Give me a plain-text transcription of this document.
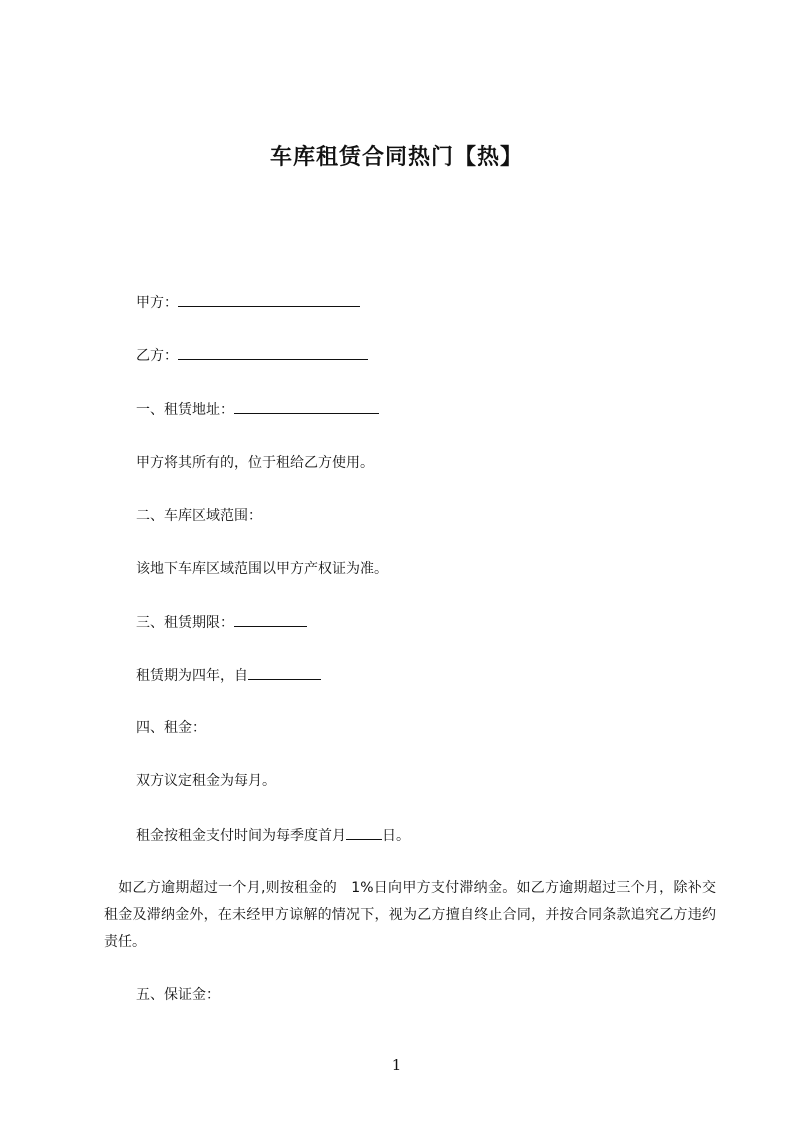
车库租赁合同热门【热】
甲方：
乙方：
一、租赁地址：
甲方将其所有的，位于租给乙方使用。
二、车库区域范围：
该地下车库区域范围以甲方产权证为准。
三、租赁期限：
租赁期为四年，自
四、租金：
双方议定租金为每月。
租金按租金支付时间为每季度首月	日。
　如乙方逾期超过一个月,则按租金的　1%日向甲方支付滞纳金。如乙方逾期超过三个月，除补交租金及滞纳金外，在未经甲方谅解的情况下，视为乙方擅自终止合同，并按合同条款追究乙方违约责任。
五、保证金：
1
